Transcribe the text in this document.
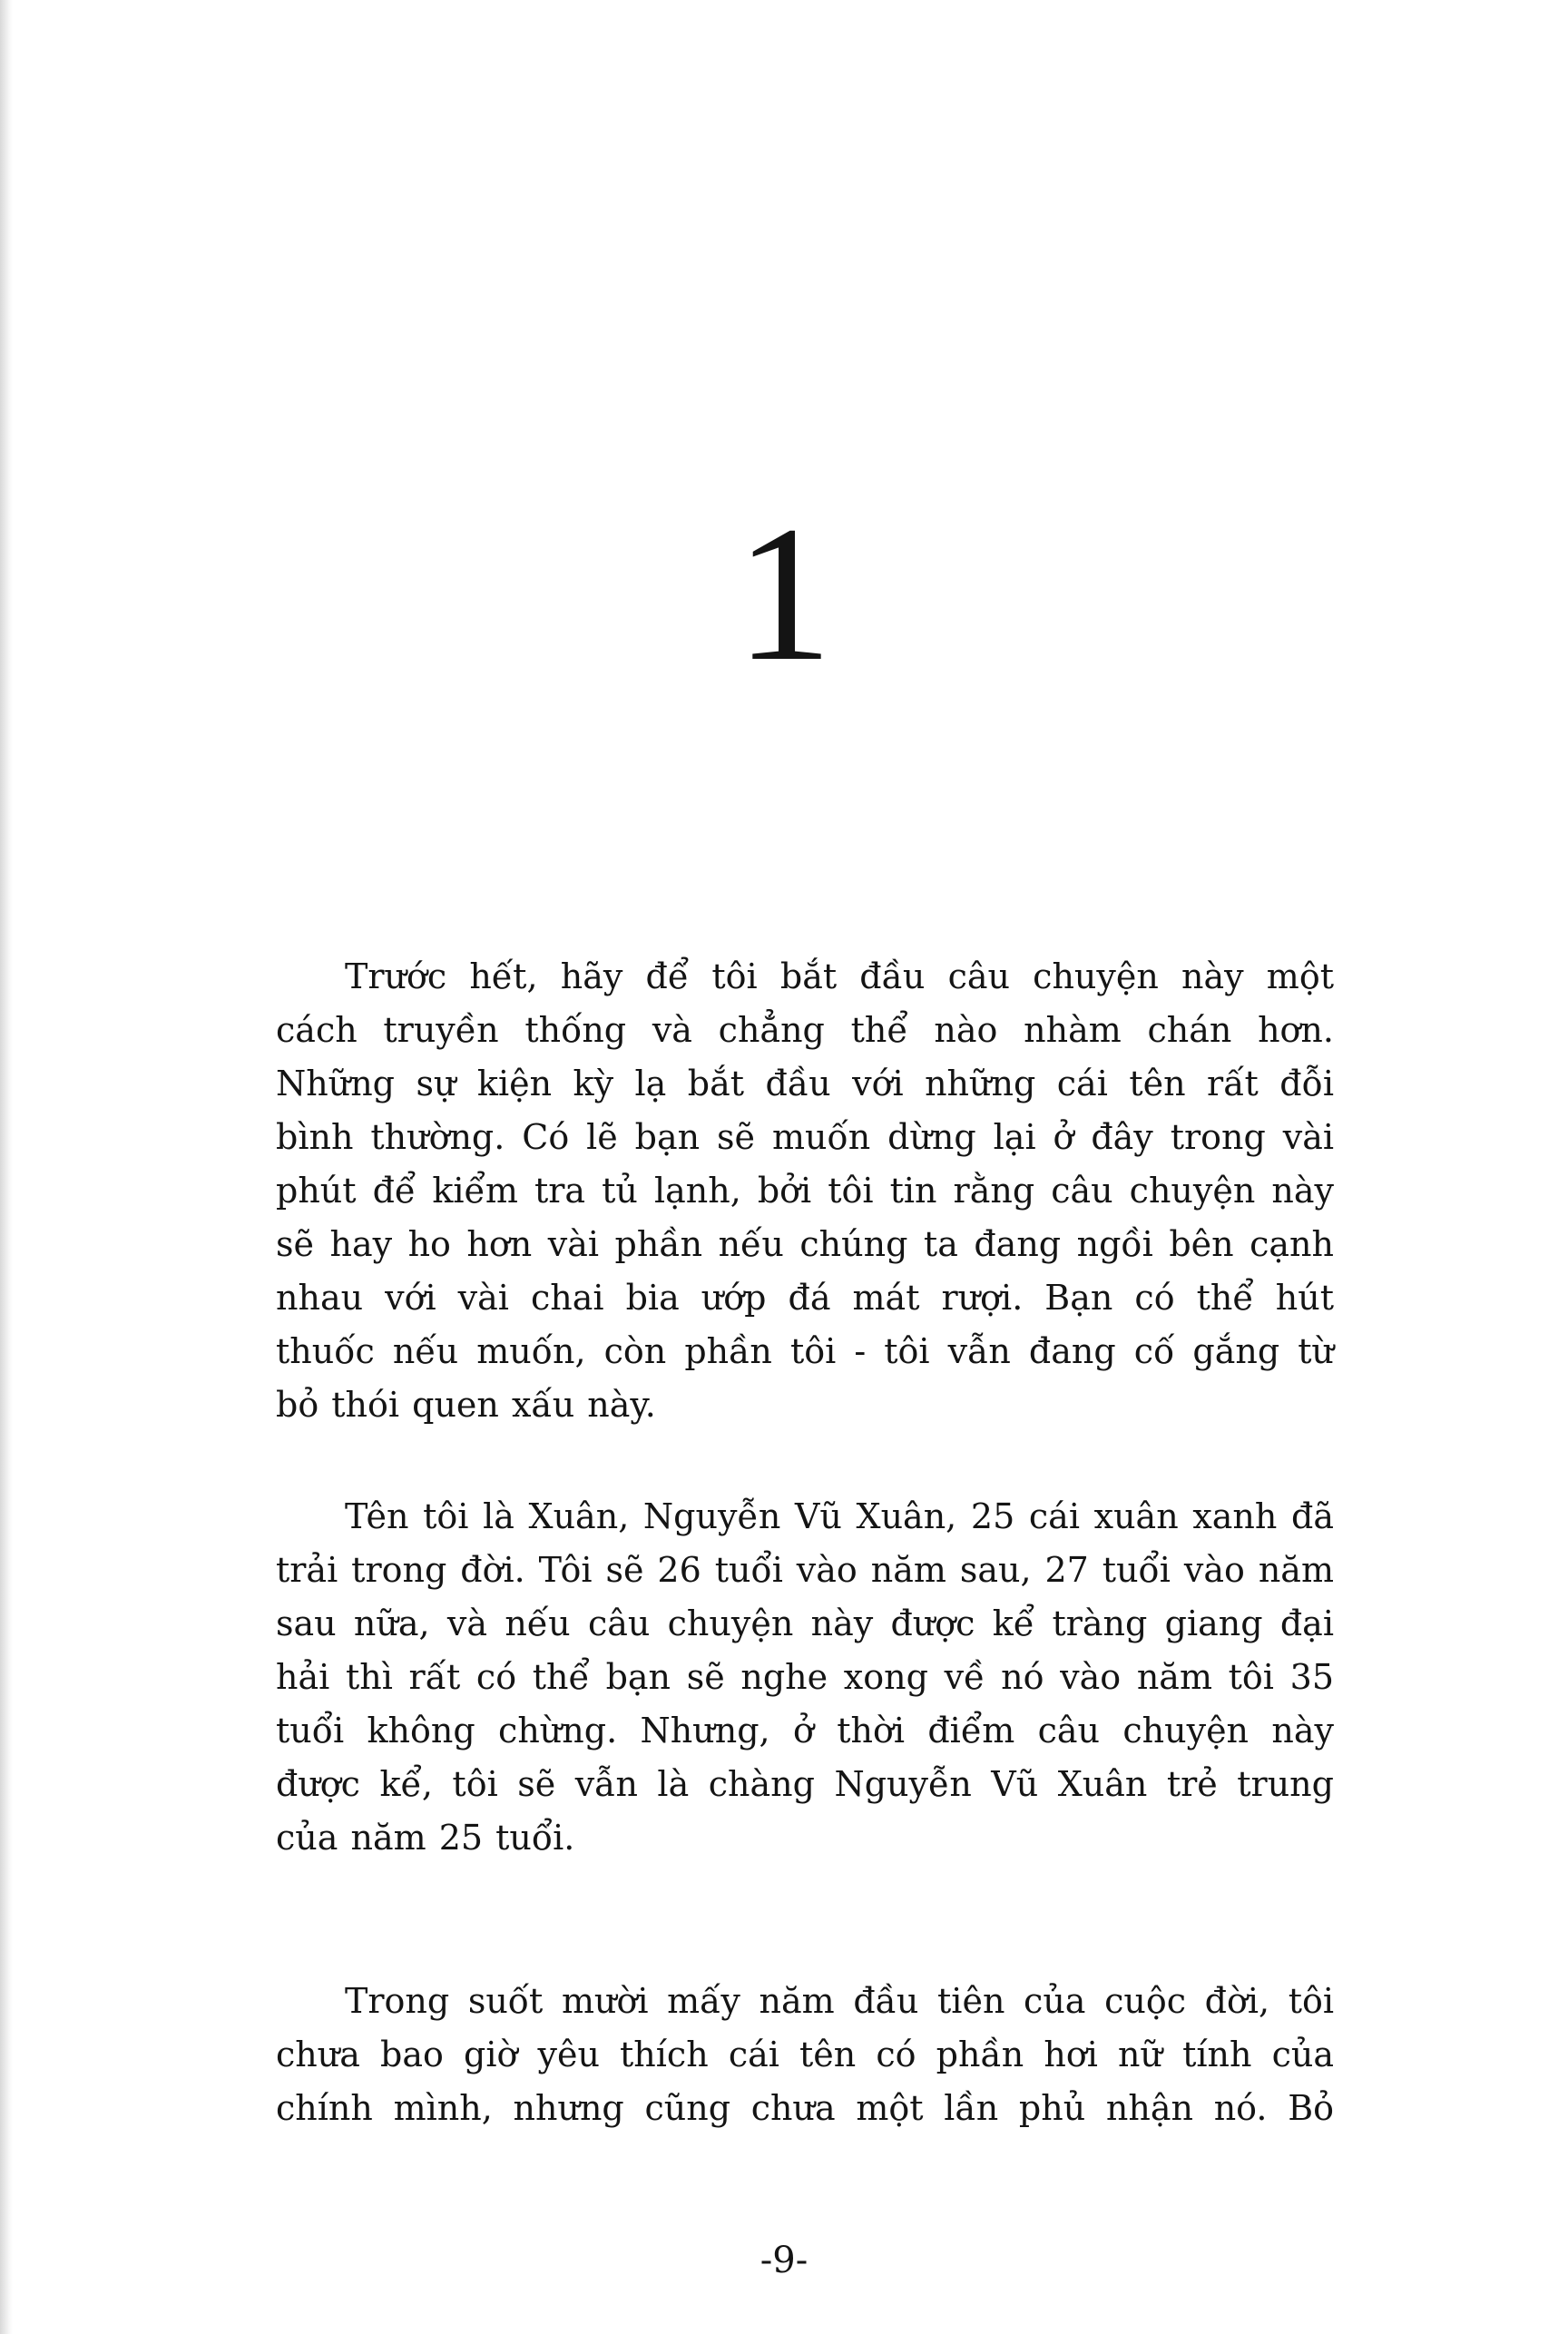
1
Trước hết, hãy để tôi bắt đầu câu chuyện này một
cách truyền thống và chẳng thể nào nhàm chán hơn.
Những sự kiện kỳ lạ bắt đầu với những cái tên rất đỗi
bình thường. Có lẽ bạn sẽ muốn dừng lại ở đây trong vài
phút để kiểm tra tủ lạnh, bởi tôi tin rằng câu chuyện này
sẽ hay ho hơn vài phần nếu chúng ta đang ngồi bên cạnh
nhau với vài chai bia ướp đá mát rượi. Bạn có thể hút
thuốc nếu muốn, còn phần tôi - tôi vẫn đang cố gắng từ
bỏ thói quen xấu này.
Tên tôi là Xuân, Nguyễn Vũ Xuân, 25 cái xuân xanh đã
trải trong đời. Tôi sẽ 26 tuổi vào năm sau, 27 tuổi vào năm
sau nữa, và nếu câu chuyện này được kể tràng giang đại
hải thì rất có thể bạn sẽ nghe xong về nó vào năm tôi 35
tuổi không chừng. Nhưng, ở thời điểm câu chuyện này
được kể, tôi sẽ vẫn là chàng Nguyễn Vũ Xuân trẻ trung
của năm 25 tuổi.
Trong suốt mười mấy năm đầu tiên của cuộc đời, tôi
chưa bao giờ yêu thích cái tên có phần hơi nữ tính của
chính mình, nhưng cũng chưa một lần phủ nhận nó. Bỏ
-9-
